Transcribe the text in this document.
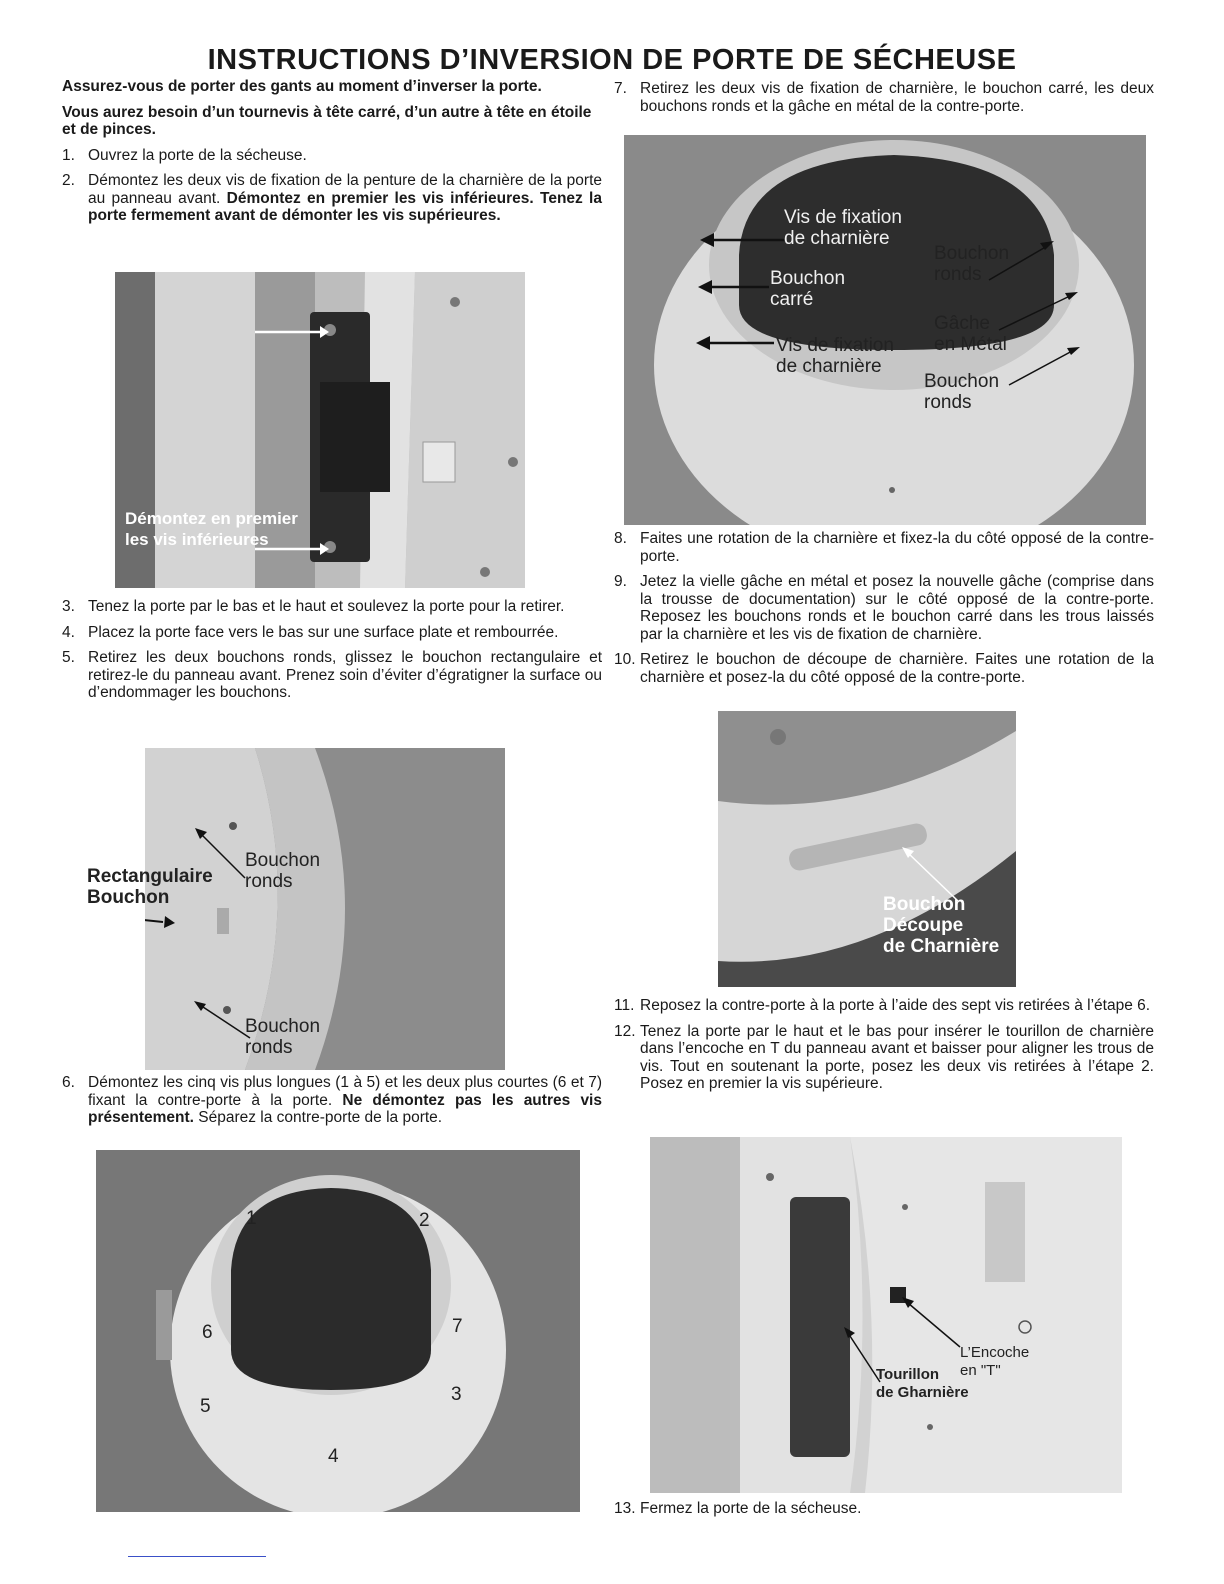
INSTRUCTIONS D’INVERSION DE PORTE DE SÉCHEUSE

Assurez-vous de porter des gants au moment d’inverser la porte.

Vous aurez besoin d’un tournevis à tête carré, d’un autre à tête en étoile et de pinces.

1. Ouvrez la porte de la sécheuse.
2. Démontez les deux vis de fixation de la penture de la charnière de la porte au panneau avant. Démontez en premier les vis inférieures. Tenez la porte fermement avant de démonter les vis supérieures.
3. Tenez la porte par le bas et le haut et soulevez la porte pour la retirer.
4. Placez la porte face vers le bas sur une surface plate et rembourrée.
5. Retirez les deux bouchons ronds, glissez le bouchon rectangulaire et retirez-le du panneau avant. Prenez soin d’éviter d’égratigner la surface ou d’endommager les bouchons.
6. Démontez les cinq vis plus longues (1 à 5) et les deux plus courtes (6 et 7) fixant la contre-porte à la porte. Ne démontez pas les autres vis présentement. Séparez la contre-porte de la porte.
7. Retirez les deux vis de fixation de charnière, le bouchon carré, les deux bouchons ronds et la gâche en métal de la contre-porte.
8. Faites une rotation de la charnière et fixez-la du côté opposé de la contre-porte.
9. Jetez la vielle gâche en métal et posez la nouvelle gâche (comprise dans la trousse de documentation) sur le côté opposé de la contre-porte. Reposez les bouchons ronds et le bouchon carré dans les trous laissés par la charnière et les vis de fixation de charnière.
10. Retirez le bouchon de découpe de charnière. Faites une rotation de la charnière et posez-la du côté opposé de la contre-porte.
11. Reposez la contre-porte à la porte à l’aide des sept vis retirées à l’étape 6.
12. Tenez la porte par le haut et le bas pour insérer le tourillon de charnière dans l’encoche en T du panneau avant et baisser pour aligner les trous de vis. Tout en soutenant la porte, posez les deux vis retirées à l’étape 2. Posez en premier la vis supérieure.
13. Fermez la porte de la sécheuse.
Démontez en premier
les vis inférieures
Bouchon
ronds
Bouchon
ronds
Rectangulaire
Bouchon
1	2
3
4
5
6	7
Vis de fixation
de charnière
Bouchon
carré
Vis de fixation
de charnière
Bouchon
ronds
Gâche
en Métal
Bouchon
ronds
Bouchon
Découpe
de Charnière
L’Encoche
en "T"
Tourillon
de Gharnière
